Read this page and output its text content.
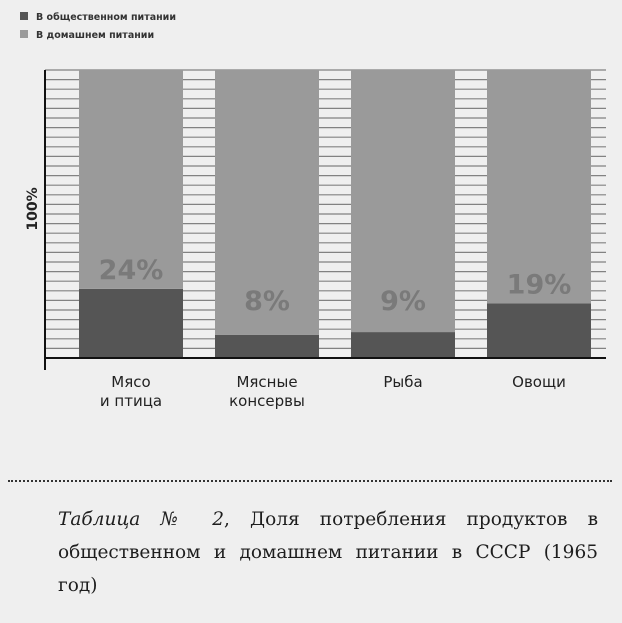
В общественном питании
В домашнем питании
100%
Мясо
и птица
24%
Мясные
консервы
8%
Рыба
9%
Овощи
19%
Таблица № 2, Доля потребления продуктов в общественном и домашнем питании в СССР (1965 год)
